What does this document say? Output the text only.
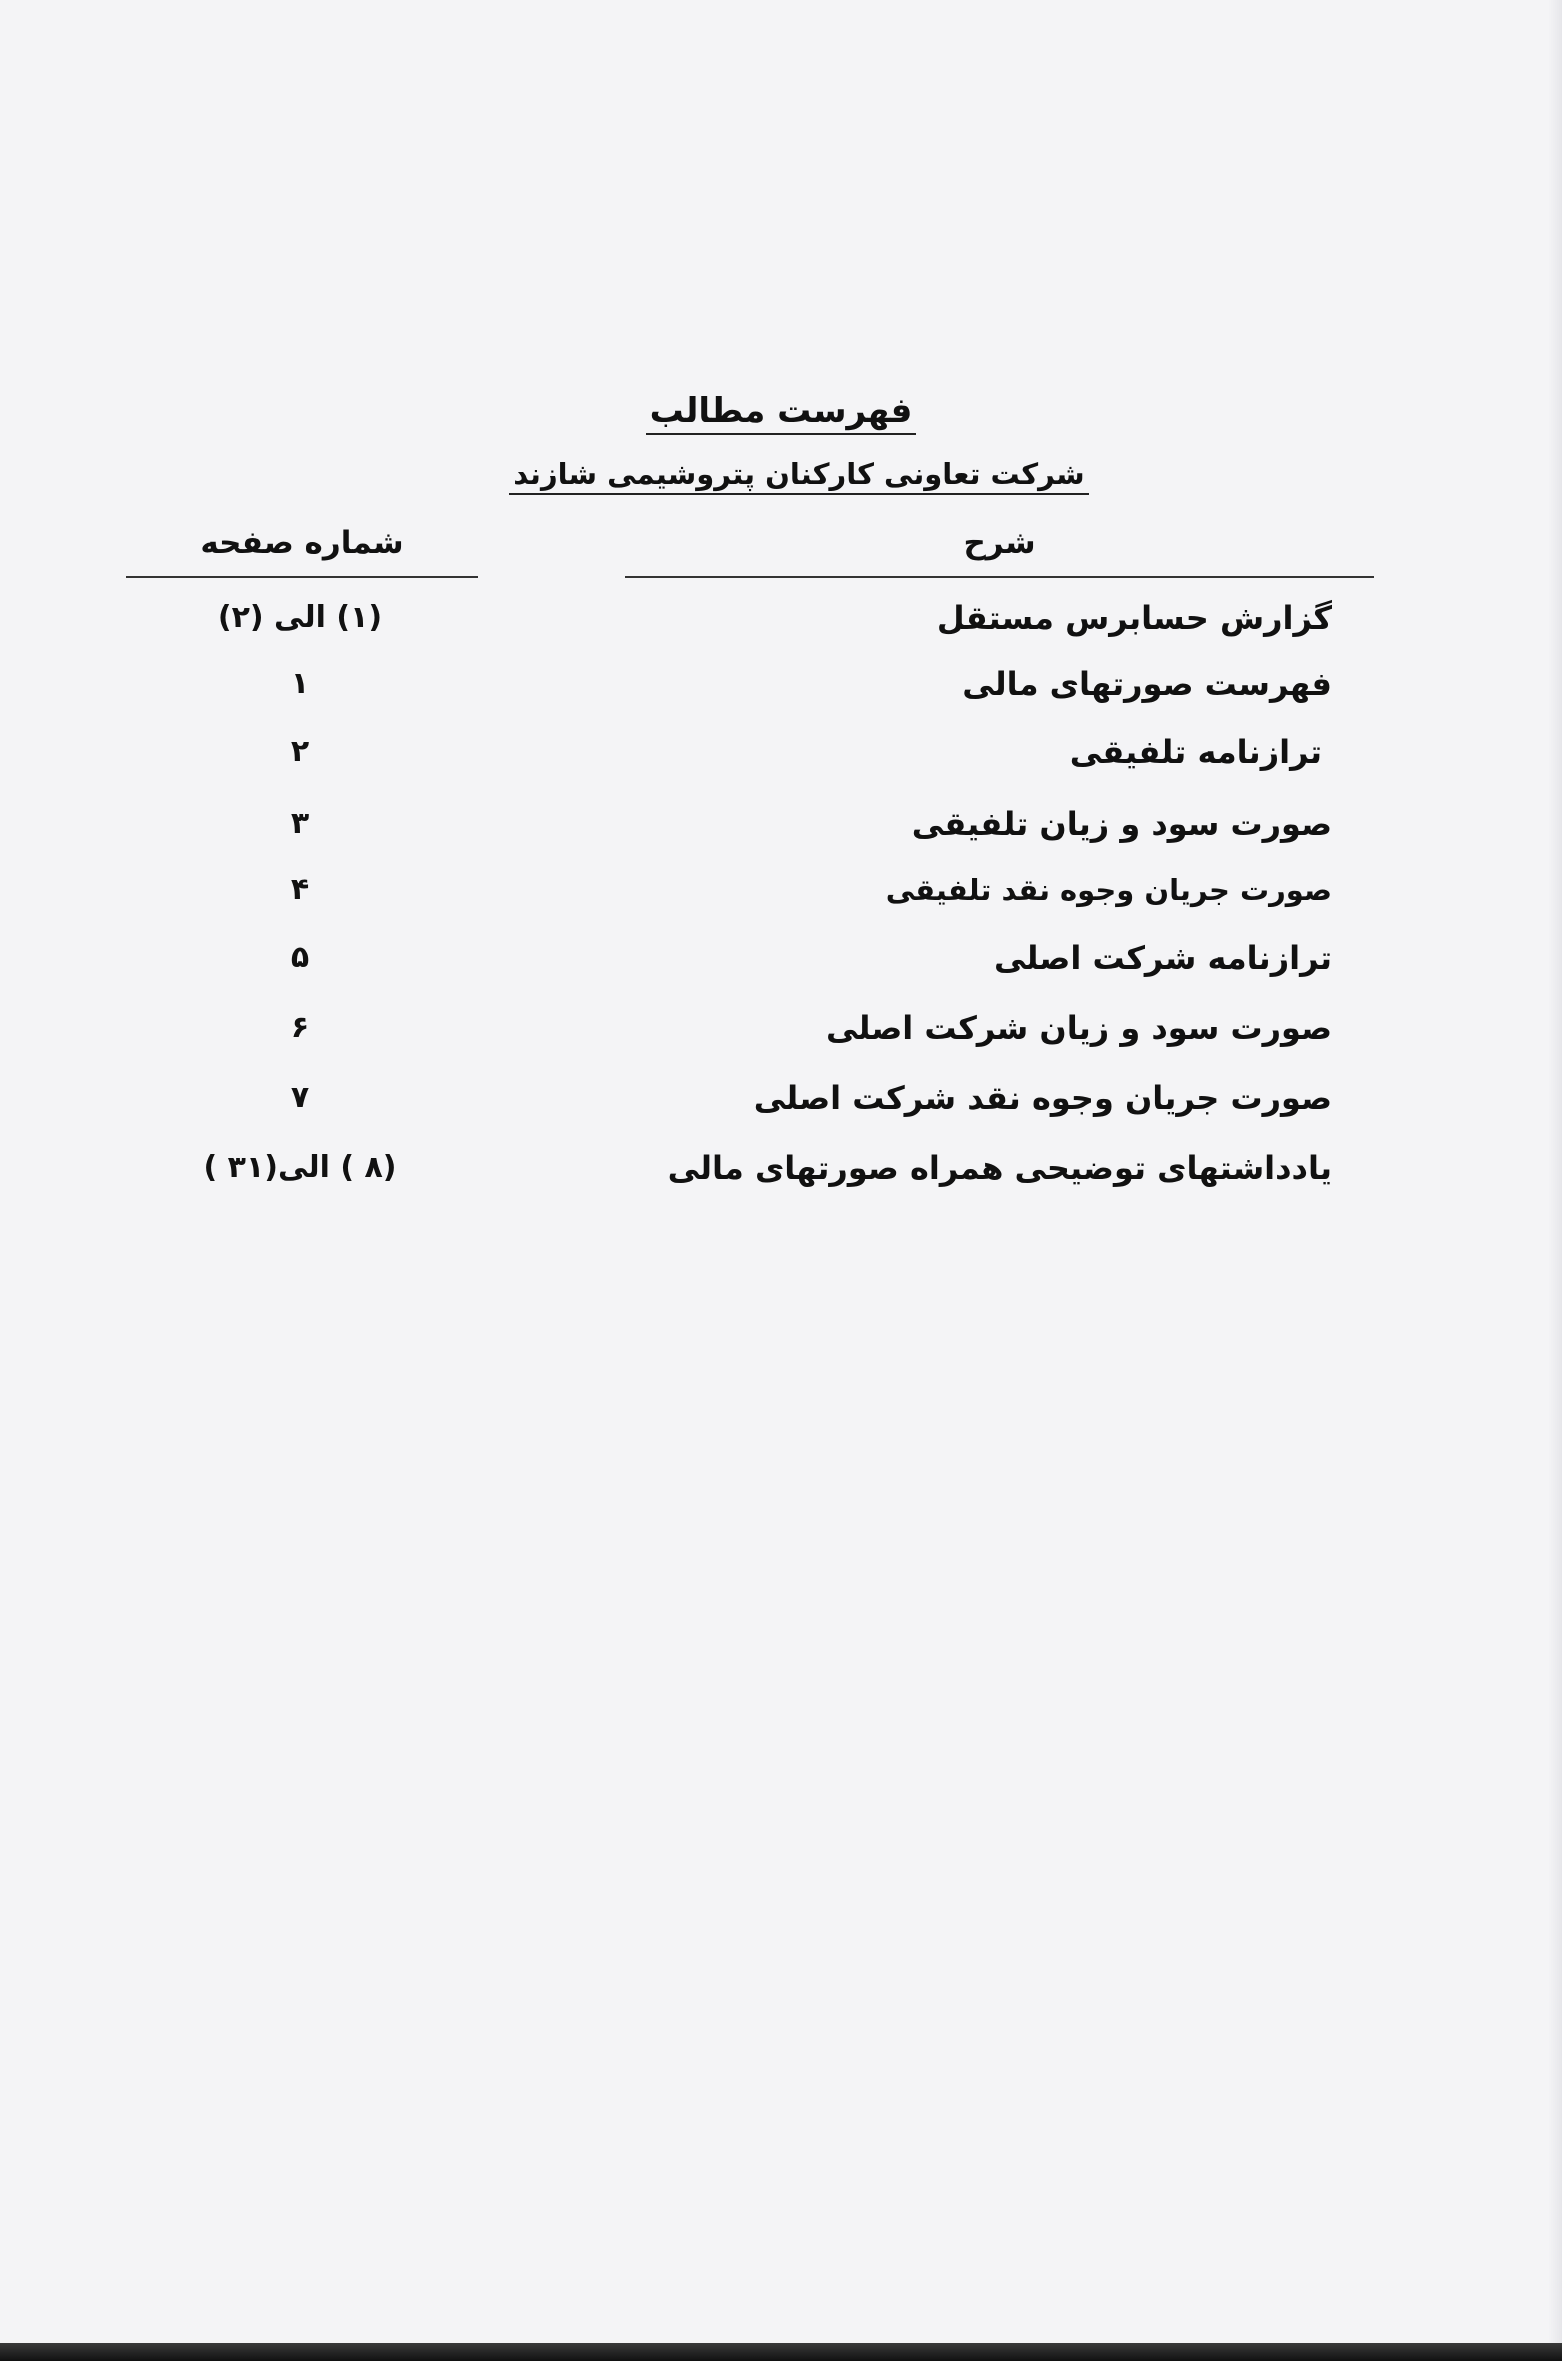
فهرست مطالب
شرکت تعاونی کارکنان پتروشیمی شازند
شرح
شماره صفحه
گزارش حسابرس مستقل
(۱) الی (۲)
فهرست صورتهای مالی
۱
ترازنامه تلفیقی
۲
صورت سود و زیان تلفیقی
۳
صورت جریان وجوه نقد تلفیقی
۴
ترازنامه شرکت اصلی
۵
صورت سود و زیان شرکت اصلی
۶
صورت جریان وجوه نقد شرکت اصلی
۷
یادداشتهای توضیحی همراه صورتهای مالی
(۸ ) الی(۳۱ )
